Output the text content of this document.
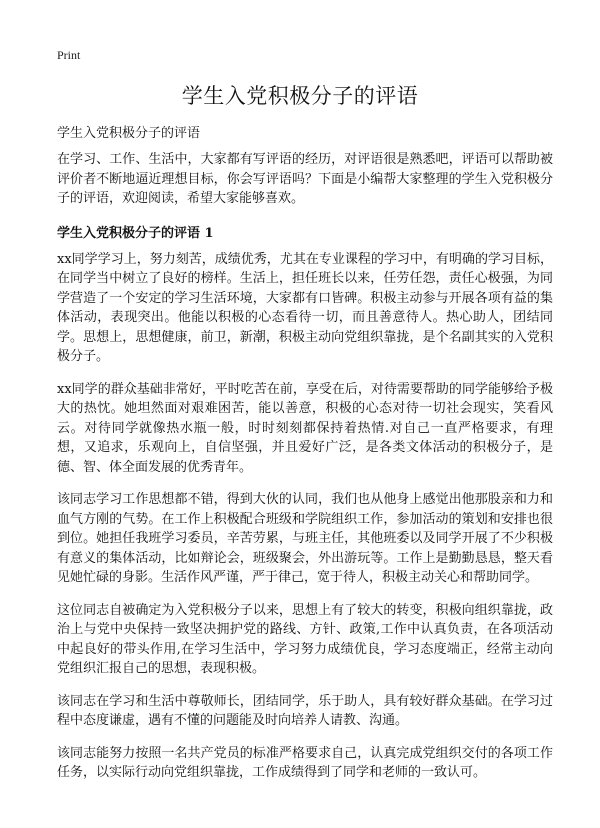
Print
学生入党积极分子的评语

学生入党积极分子的评语

在学习、工作、生活中，大家都有写评语的经历，对评语很是熟悉吧，评语可以帮助被评价者不断地逼近理想目标，你会写评语吗？下面是小编帮大家整理的学生入党积极分子的评语，欢迎阅读，希望大家能够喜欢。

学生入党积极分子的评语 1

xx同学学习上，努力刻苦，成绩优秀，尤其在专业课程的学习中，有明确的学习目标，在同学当中树立了良好的榜样。生活上，担任班长以来，任劳任怨，责任心极强，为同学营造了一个安定的学习生活环境，大家都有口皆碑。积极主动参与开展各项有益的集体活动，表现突出。他能以积极的心态看待一切，而且善意待人。热心助人，团结同学。思想上，思想健康，前卫，新潮，积极主动向党组织靠拢，是个名副其实的入党积极分子。

xx同学的群众基础非常好，平时吃苦在前，享受在后，对待需要帮助的同学能够给予极大的热忱。她坦然面对艰难困苦，能以善意，积极的心态对待一切社会现实，笑看风云。对待同学就像热水瓶一般，时时刻刻都保持着热情.对自己一直严格要求，有理想，又追求，乐观向上，自信坚强，并且爱好广泛，是各类文体活动的积极分子，是德、智、体全面发展的优秀青年。

该同志学习工作思想都不错，得到大伙的认同，我们也从他身上感觉出他那股亲和力和血气方刚的气势。在工作上积极配合班级和学院组织工作，参加活动的策划和安排也很到位。她担任我班学习委员，辛苦劳累，与班主任，其他班委以及同学开展了不少积极有意义的集体活动，比如辩论会，班级聚会，外出游玩等。工作上是勤勤恳恳，整天看见她忙碌的身影。生活作风严谨，严于律己，宽于待人，积极主动关心和帮助同学。

这位同志自被确定为入党积极分子以来，思想上有了较大的转变，积极向组织靠拢，政治上与党中央保持一致坚决拥护党的路线、方针、政策,工作中认真负责，在各项活动中起良好的带头作用,在学习生活中，学习努力成绩优良，学习态度端正，经常主动向党组织汇报自己的思想，表现积极。

该同志在学习和生活中尊敬师长，团结同学，乐于助人，具有较好群众基础。在学习过程中态度谦虚，遇有不懂的问题能及时向培养人请教、沟通。

该同志能努力按照一名共产党员的标准严格要求自己，认真完成党组织交付的各项工作任务，以实际行动向党组织靠拢，工作成绩得到了同学和老师的一致认可。
